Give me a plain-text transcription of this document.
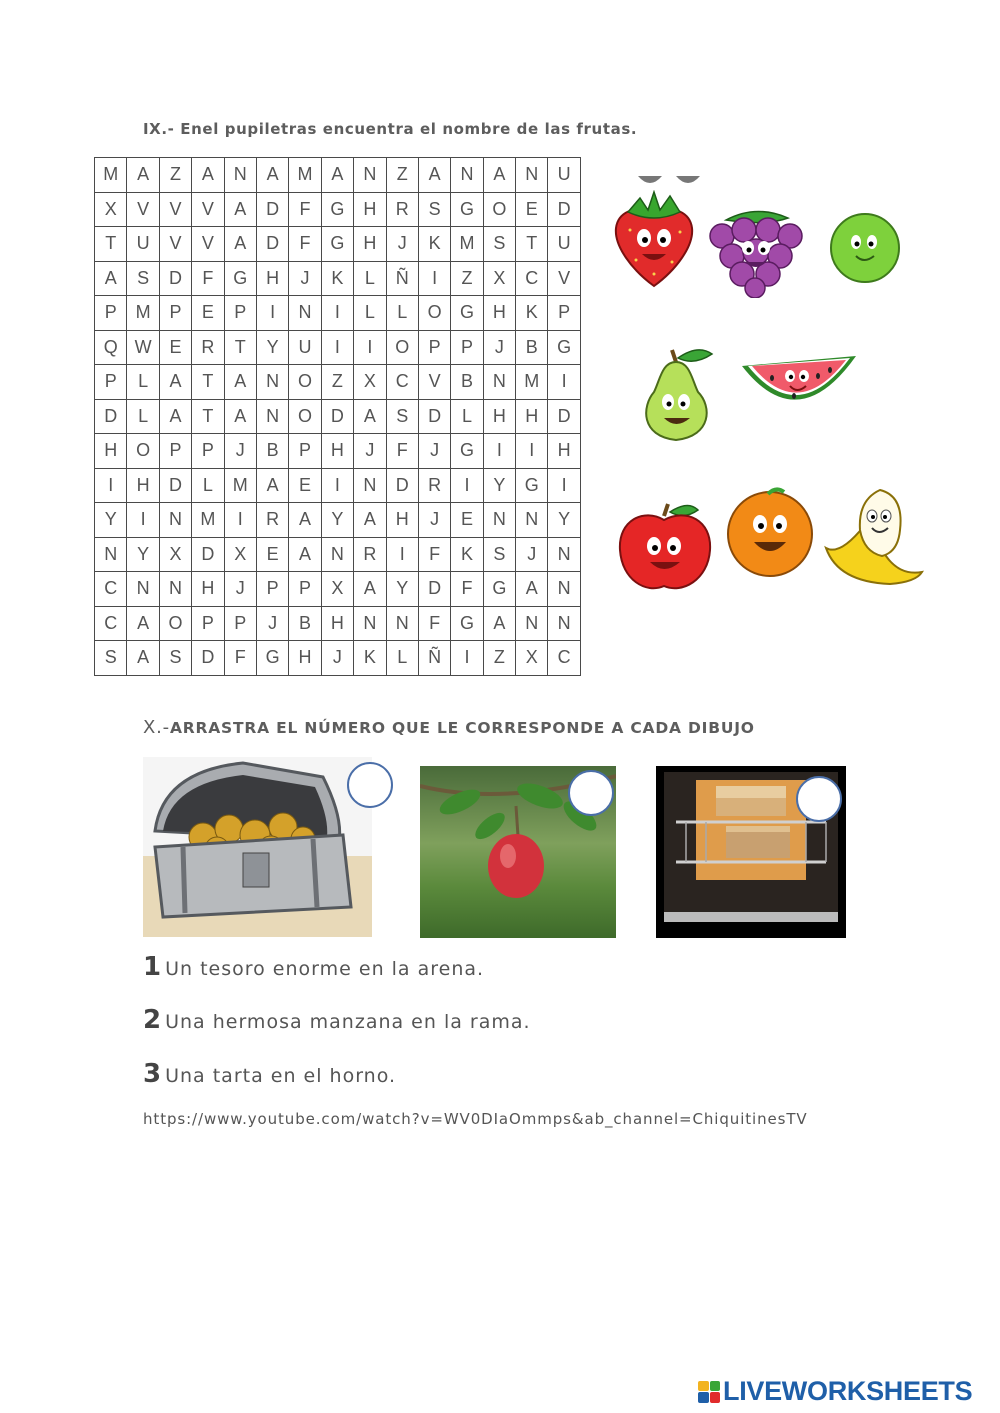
IX.- Enel pupiletras encuentra el nombre de las frutas.
M	A	Z	A	N	A	M	A	N	Z	A	N	A	N	U
X	V	V	V	A	D	F	G	H	R	S	G	O	E	D
T	U	V	V	A	D	F	G	H	J	K	M	S	T	U
A	S	D	F	G	H	J	K	L	Ñ	I	Z	X	C	V
P	M	P	E	P	I	N	I	L	L	O	G	H	K	P
Q	W	E	R	T	Y	U	I	I	O	P	P	J	B	G
P	L	A	T	A	N	O	Z	X	C	V	B	N	M	I
D	L	A	T	A	N	O	D	A	S	D	L	H	H	D
H	O	P	P	J	B	P	H	J	F	J	G	I	I	H
I	H	D	L	M	A	E	I	N	D	R	I	Y	G	I
Y	I	N	M	I	R	A	Y	A	H	J	E	N	N	Y
N	Y	X	D	X	E	A	N	R	I	F	K	S	J	N
C	N	N	H	J	P	P	X	A	Y	D	F	G	A	N
C	A	O	P	P	J	B	H	N	N	F	G	A	N	N
S	A	S	D	F	G	H	J	K	L	Ñ	I	Z	X	C
X.-ARRASTRA EL NÚMERO QUE LE CORRESPONDE A CADA DIBUJO
1 Un tesoro enorme en la arena.
2 Una hermosa manzana en la rama.
3 Una tarta en el horno.
https://www.youtube.com/watch?v=WV0DIaOmmps&ab_channel=ChiquitinesTV
LIVEWORKSHEETS
